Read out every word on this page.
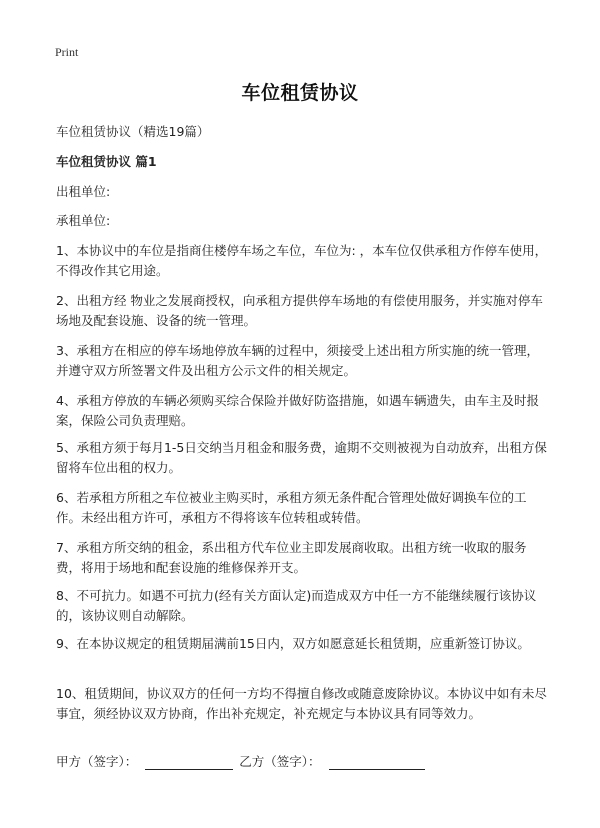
Print
车位租赁协议
车位租赁协议（精选19篇）
车位租赁协议 篇1
出租单位:
承租单位:
1、本协议中的车位是指商住楼停车场之车位，车位为: ，本车位仅供承租方作停车使用，不得改作其它用途。
2、出租方经 物业之发展商授权，向承租方提供停车场地的有偿使用服务，并实施对停车场地及配套设施、设备的统一管理。
3、承租方在相应的停车场地停放车辆的过程中，须接受上述出租方所实施的统一管理，并遵守双方所签署文件及出租方公示文件的相关规定。
4、承租方停放的车辆必须购买综合保险并做好防盗措施，如遇车辆遗失，由车主及时报案，保险公司负责理赔。
5、承租方须于每月1-5日交纳当月租金和服务费，逾期不交则被视为自动放弃，出租方保留将车位出租的权力。
6、若承租方所租之车位被业主购买时，承租方须无条件配合管理处做好调换车位的工作。未经出租方许可，承租方不得将该车位转租或转借。
7、承租方所交纳的租金，系出租方代车位业主即发展商收取。出租方统一收取的服务费，将用于场地和配套设施的维修保养开支。
8、不可抗力。如遇不可抗力(经有关方面认定)而造成双方中任一方不能继续履行该协议的，该协议则自动解除。
9、在本协议规定的租赁期届满前15日内，双方如愿意延长租赁期，应重新签订协议。
10、租赁期间，协议双方的任何一方均不得擅自修改或随意废除协议。本协议中如有未尽事宜，须经协议双方协商，作出补充规定，补充规定与本协议具有同等效力。
甲方（签字）：	乙方（签字）：
